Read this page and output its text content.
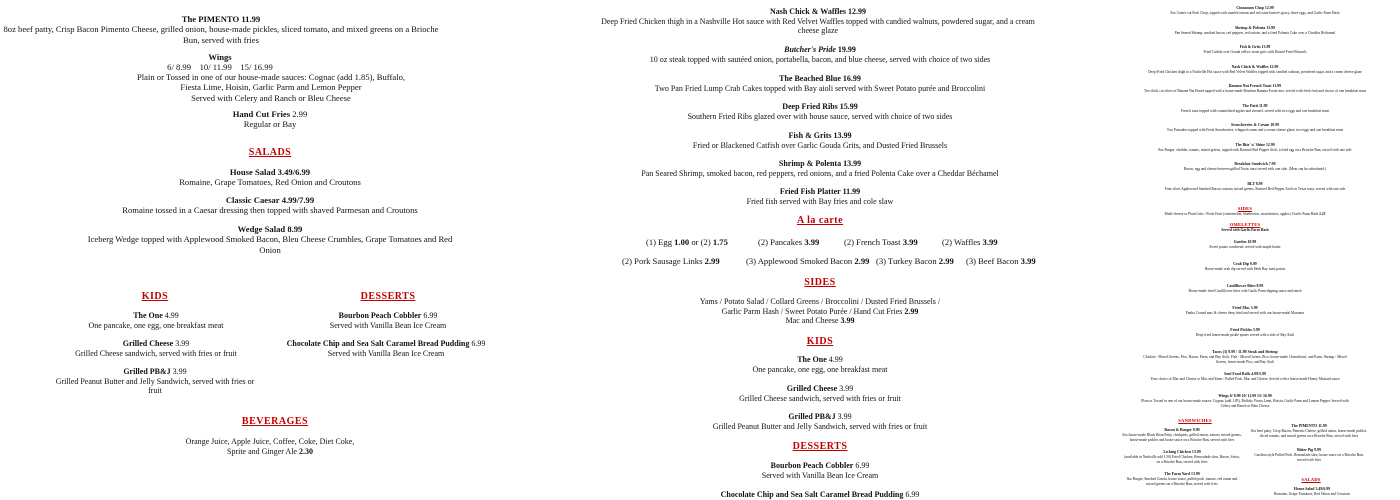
The PIMENTO 11.99
8oz beef patty, Crisp Bacon Pimento Cheese, grilled onion, house-made pickles, sliced tomato, and mixed greens on a Brioche Bun, served with fries
Wings
6/ 8.99    10/ 11.99    15/ 16.99
Plain or Tossed in one of our house-made sauces: Cognac (add 1.85), Buffalo, Fiesta Lime, Hoisin, Garlic Parm and Lemon Pepper
Served with Celery and Ranch or Bleu Cheese
Hand Cut Fries 2.99
Regular or Bay
SALADS
House Salad 3.49/6.99
Romaine, Grape Tomatoes, Red Onion and Croutons
Classic Caesar 4.99/7.99
Romaine tossed in a Caesar dressing then topped with shaved Parmesan and Croutons
Wedge Salad 8.99
Iceberg Wedge topped with Applewood Smoked Bacon, Bleu Cheese Crumbles, Grape Tomatoes and Red Onion
KIDS
The One 4.99
One pancake, one egg, one breakfast meat
Grilled Cheese 3.99
Grilled Cheese sandwich, served with fries or fruit
Grilled PB&J 3.99
Grilled Peanut Butter and Jelly Sandwich, served with fries or fruit
DESSERTS
Bourbon Peach Cobbler 6.99
Served with Vanilla Bean Ice Cream
Chocolate Chip and Sea Salt Caramel Bread Pudding 6.99
Served with Vanilla Bean Ice Cream
BEVERAGES
Orange Juice, Apple Juice, Coffee, Coke, Diet Coke, Sprite and Ginger Ale 2.30
Nash Chick & Waffles 12.99
Deep Fried Chicken thigh in a Nashville Hot sauce with Red Velvet Waffles topped with candied walnuts, powdered sugar, and a cream cheese glaze
Butcher's Pride 19.99
10 oz steak topped with sautéed onion, portabella, bacon, and blue cheese, served with choice of two sides
The Beached Blue 16.99
Two Pan Fried Lump Crab Cakes topped with Bay aioli served with Sweet Potato purée and Broccolini
Deep Fried Ribs 15.99
Southern Fried Ribs glazed over with house sauce, served with choice of two sides
Fish & Grits 13.99
Fried or Blackened Catfish over Garlic Gouda Grits, and Dusted Fried Brussels
Shrimp & Polenta 13.99
Pan Seared Shrimp, smoked bacon, red peppers, red onions, and a fried Polenta Cake over a Cheddar Béchamel
Fried Fish Platter 11.99
Fried fish served with Bay fries and cole slaw
A la carte
(1) Egg 1.00 or (2) 1.75	(2) Pancakes 3.99	(2) French Toast 3.99	(2) Waffles 3.99
(2) Pork Sausage Links 2.99	(3) Applewood Smoked Bacon 2.99 (3) Turkey Bacon 2.99 (3) Beef Bacon 3.99
SIDES
Yams / Potato Salad / Collard Greens / Broccolini / Dusted Fried Brussels / Garlic Parm Hash / Sweet Potato Purée / Hand Cut Fries 2.99
Mac and Cheese 3.99
KIDS
The One 4.99
One pancake, one egg, one breakfast meat
Grilled Cheese 3.99
Grilled Cheese sandwich, served with fries or fruit
Grilled PB&J 3.99
Grilled Peanut Butter and Jelly Sandwich, served with fries or fruit
DESSERTS
Bourbon Peach Cobbler 6.99
Served with Vanilla Bean Ice Cream
Chocolate Chip and Sea Salt Caramel Bread Pudding 6.99
Cinnamon Chop 12.99
8oz Center cut Pork Chop, topped with sautéed onions and red wine buerre's gravy, three eggs, and Garlic Parm Hash
Shrimp & Polenta 13.99
Pan Seared Shrimp, smoked bacon, red peppers, red onions, and a fried Polenta Cake over a Cheddar Béchamel
Fish & Grits 13.99
Fried Catfish over Gouda yellow stone grits with Dusted Fried Brussels
Nash Chick & Waffles 12.99
Deep Fried Chicken thigh in a Nashville Hot sauce with Red Velvet Waffles topped with candied walnuts, powdered sugar, and a cream cheese glaze
Banana Nut French Toast 11.99
Two thick cut slices of Banana Nut Bread topped with a house-made Bourbon Banana Foster mix, served with fresh fruit and choice of one breakfast meat
The Patti 11.99
French toast topped with caramelized apples and streusel, served with two eggs and one breakfast meat
Strawberries & Cream 10.99
Two Pancakes topped with Fresh Strawberries, whipped cream and a cream cheese glaze, two eggs and one breakfast meat
The Bite 'n' Shine 12.99
8oz Burger, cheddar, tomato, mixed greens, topped with Roasted Red Pepper Aioli, a fried egg on a Brioche Bun, served with one side
Breakfast Sandwich 7.99
Bacon, egg and cheese between grilled Texas toast served with one side. (Meat can be substituted.)
BLT 8.99
Four slices Applewood Smoked Bacon, tomato, mixed greens, Roasted Red Pepper Aioli on Texas toast, served with one side
SIDES
Multi-cheese or Plain Grits / Fresh Fruit (watermelon, blueberries, strawberries, apples) /Garlic Parm Hash 2.25
OMELETTES
Served with Garlic Parm Hash
Garden 10.99
Sweet potato cornbread, served with maple butter
Crab Dip 9.99
House-made crab dip served with Herb Bay toast points
Cauliflower Bites 8.99
House-made fried Cauliflower bites with Garlic Parm dipping sauce and ranch
Fried Mac 5.99
Panko Coated mac & cheese deep fried and served with our house-made Marinara
Fried Pickles 5.99
Deep fried house-made pickle spears served with a side of Bay Aioli
Tacos (3) 9.99 / 11.99 Steak and Shrimp
Chicken - Mixed Greens, Pico, Bacon, Parm, and Bay Aioli. Fish - Mixed Greens, Pico, house-made Chimichurri, and Parm. Shrimp - Mixed Greens, house-made Pico, and Bay Aioli
Soul Food Rolls 4.99/5.99
Your choice of Mac and Cheese or Mac and Yams / Pulled Pork, Mac and Cheese, Served with a house-made Honey Mustard sauce
Wings 6/ 8.99 10/ 11.99 15/ 16.99
Plain or Tossed in one of our house-made sauces: Cognac (add 1.85), Buffalo, Fiesta Lime, Hoisin, Garlic Parm and Lemon Pepper. Served with Celery and Ranch or Bleu Cheese
SANDWICHES
Bacon & Burger 9.99
8oz house-made Black Bean Patty, chickpeas, grilled onion, tomato, mixed greens, house-made pickles and house sauce on a Brioche Bun, served with fries
Licking Chicken 13.99
(available in Nashville add 1.50) Fried Chicken, Remoulade slaw, Bacon, Swiss, on a Brioche Bun, served with fries
The Farm Yard 13.99
8oz Burger, Smoked Gouda, house sauce, pulled pork, tomato, red onion and mixed greens on a Brioche Bun, served with fries
The PIMENTO 11.99
8oz beef patty, Crisp Bacon, Pimento Cheese, grilled onion, house-made pickles, sliced tomato, and mixed greens on a Brioche Bun, served with fries
Bitter Pig 9.99
Carolina style Pulled Pork, Remoulade slaw, house sauce on a Brioche Bun, served with fries
SALADS
House Salad 3.49/6.99
Romaine, Grape Tomatoes, Red Onion and Croutons
